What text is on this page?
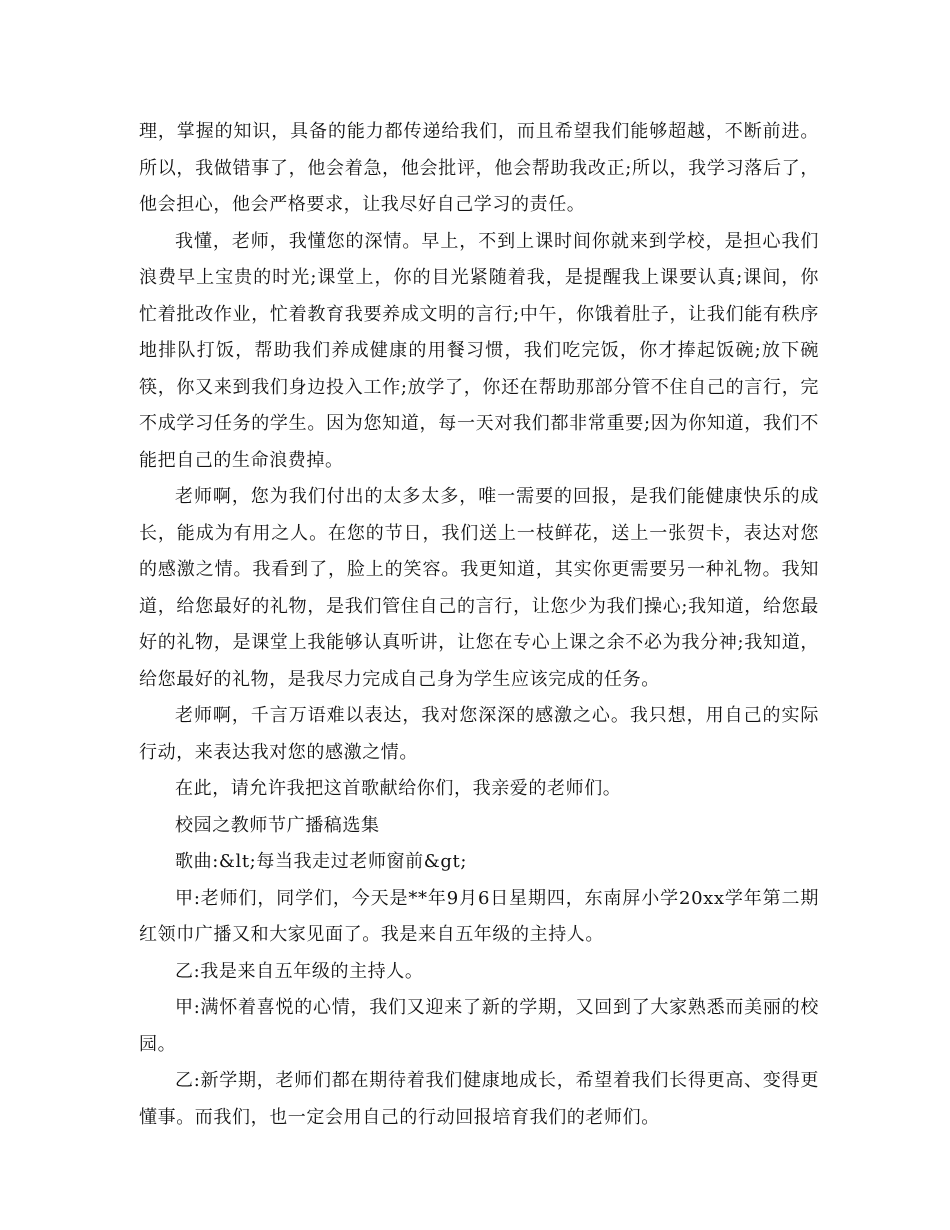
理，掌握的知识，具备的能力都传递给我们，而且希望我们能够超越，不断前进。所以，我做错事了，他会着急，他会批评，他会帮助我改正;所以，我学习落后了，他会担心，他会严格要求，让我尽好自己学习的责任。

我懂，老师，我懂您的深情。早上，不到上课时间你就来到学校，是担心我们浪费早上宝贵的时光;课堂上，你的目光紧随着我，是提醒我上课要认真;课间，你忙着批改作业，忙着教育我要养成文明的言行;中午，你饿着肚子，让我们能有秩序地排队打饭，帮助我们养成健康的用餐习惯，我们吃完饭，你才捧起饭碗;放下碗筷，你又来到我们身边投入工作;放学了，你还在帮助那部分管不住自己的言行，完不成学习任务的学生。因为您知道，每一天对我们都非常重要;因为你知道，我们不能把自己的生命浪费掉。

老师啊，您为我们付出的太多太多，唯一需要的回报，是我们能健康快乐的成长，能成为有用之人。在您的节日，我们送上一枝鲜花，送上一张贺卡，表达对您的感激之情。我看到了，脸上的笑容。我更知道，其实你更需要另一种礼物。我知道，给您最好的礼物，是我们管住自己的言行，让您少为我们操心;我知道，给您最好的礼物，是课堂上我能够认真听讲，让您在专心上课之余不必为我分神;我知道，给您最好的礼物，是我尽力完成自己身为学生应该完成的任务。

老师啊，千言万语难以表达，我对您深深的感激之心。我只想，用自己的实际行动，来表达我对您的感激之情。

在此，请允许我把这首歌献给你们，我亲爱的老师们。

校园之教师节广播稿选集

歌曲:&lt;每当我走过老师窗前&gt;

甲:老师们，同学们，今天是**年9月6日星期四，东南屏小学20xx学年第二期红领巾广播又和大家见面了。我是来自五年级的主持人。

乙:我是来自五年级的主持人。

甲:满怀着喜悦的心情，我们又迎来了新的学期，又回到了大家熟悉而美丽的校园。

乙:新学期，老师们都在期待着我们健康地成长，希望着我们长得更高、变得更懂事。而我们，也一定会用自己的行动回报培育我们的老师们。
